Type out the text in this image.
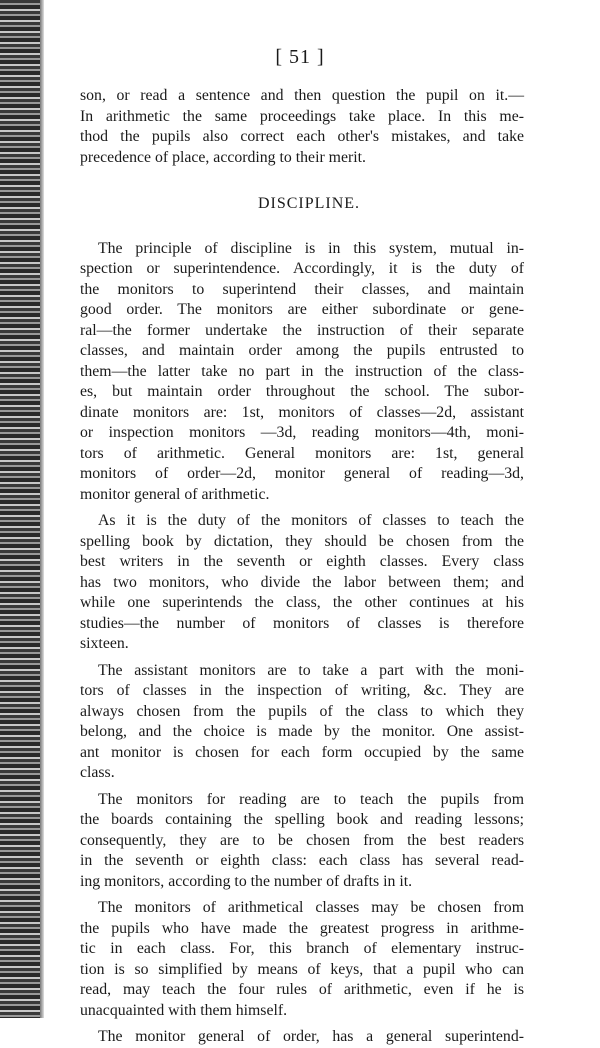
[ 51 ]
son, or read a sentence and then question the pupil on it.—
In arithmetic the same proceedings take place. In this me-
thod the pupils also correct each other's mistakes, and take
precedence of place, according to their merit.
DISCIPLINE.
The principle of discipline is in this system, mutual in-
spection or superintendence. Accordingly, it is the duty of
the monitors to superintend their classes, and maintain
good order. The monitors are either subordinate or gene-
ral—the former undertake the instruction of their separate
classes, and maintain order among the pupils entrusted to
them—the latter take no part in the instruction of the class-
es, but maintain order throughout the school. The subor-
dinate monitors are: 1st, monitors of classes—2d, assistant
or inspection monitors —3d, reading monitors—4th, moni-
tors of arithmetic. General monitors are: 1st, general
monitors of order—2d, monitor general of reading—3d,
monitor general of arithmetic.
As it is the duty of the monitors of classes to teach the
spelling book by dictation, they should be chosen from the
best writers in the seventh or eighth classes. Every class
has two monitors, who divide the labor between them; and
while one superintends the class, the other continues at his
studies—the number of monitors of classes is therefore
sixteen.
The assistant monitors are to take a part with the moni-
tors of classes in the inspection of writing, &c. They are
always chosen from the pupils of the class to which they
belong, and the choice is made by the monitor. One assist-
ant monitor is chosen for each form occupied by the same
class.
The monitors for reading are to teach the pupils from
the boards containing the spelling book and reading lessons;
consequently, they are to be chosen from the best readers
in the seventh or eighth class: each class has several read-
ing monitors, according to the number of drafts in it.
The monitors of arithmetical classes may be chosen from
the pupils who have made the greatest progress in arithme-
tic in each class. For, this branch of elementary instruc-
tion is so simplified by means of keys, that a pupil who can
read, may teach the four rules of arithmetic, even if he is
unacquainted with them himself.
The monitor general of order, has a general superintend-
